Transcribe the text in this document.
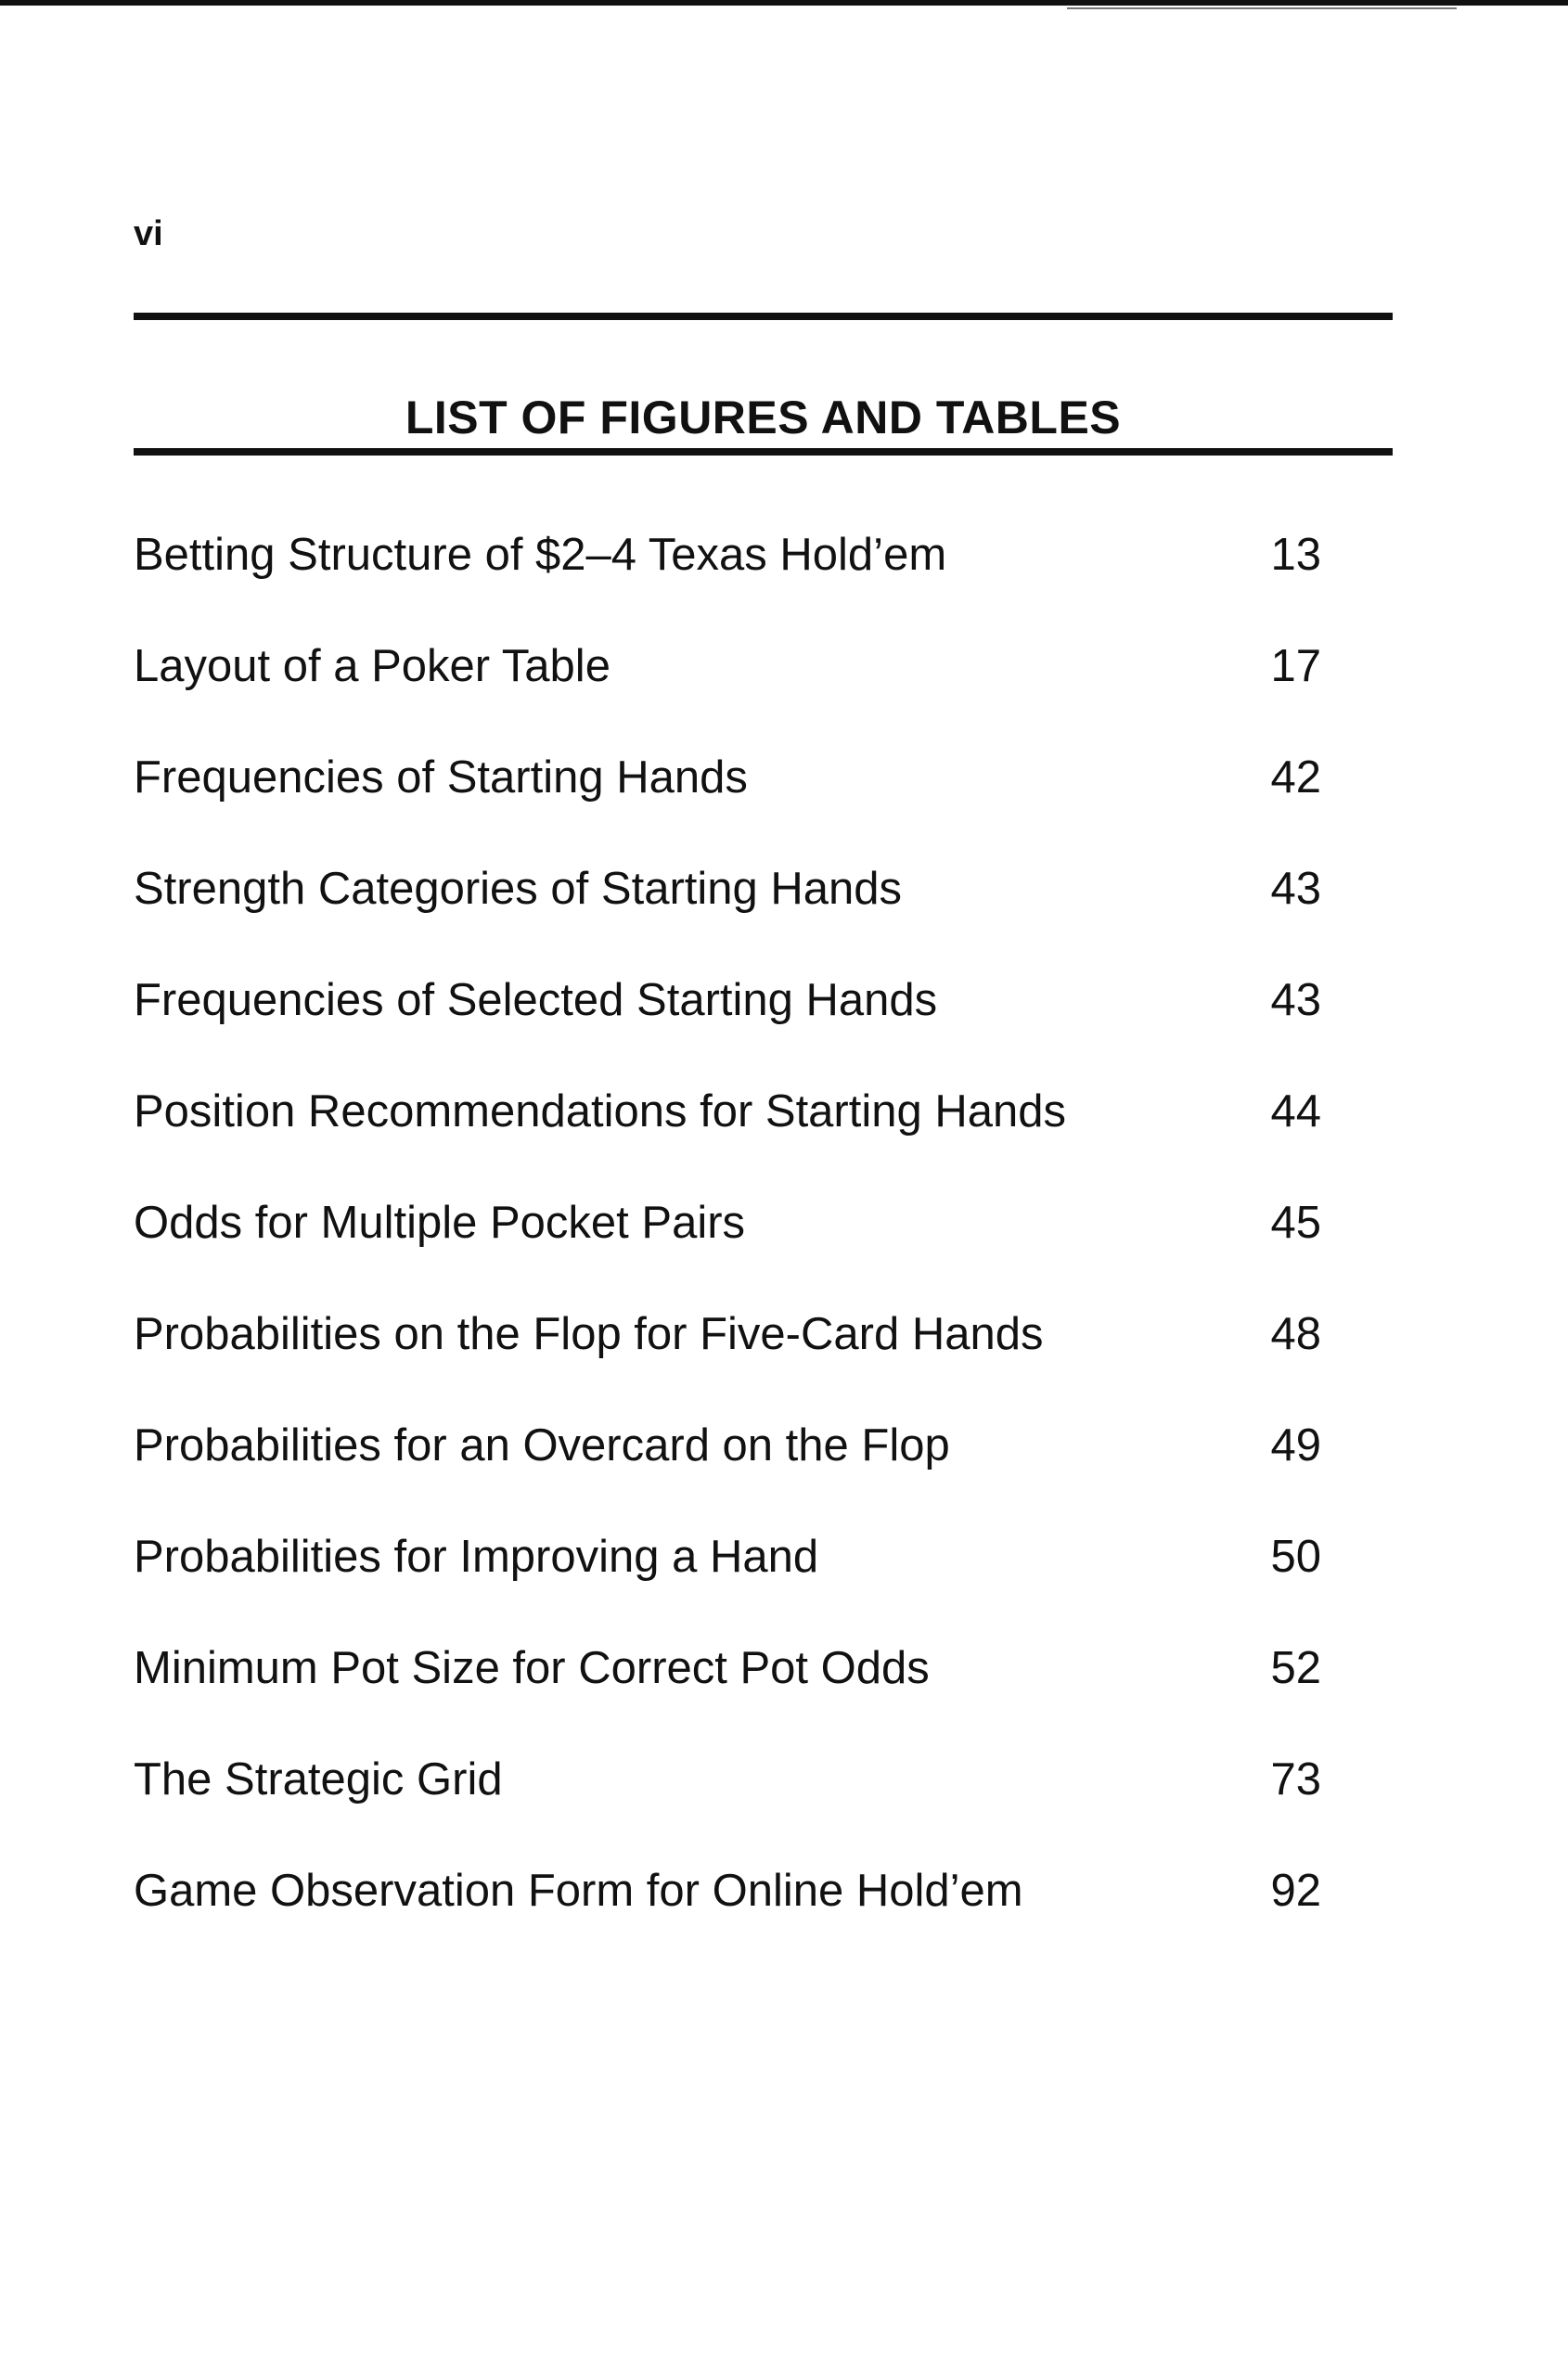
vi
LIST OF FIGURES AND TABLES
Betting Structure of $2–4 Texas Hold’em	13
Layout of a Poker Table	17
Frequencies of Starting Hands	42
Strength Categories of Starting Hands	43
Frequencies of Selected Starting Hands	43
Position Recommendations for Starting Hands	44
Odds for Multiple Pocket Pairs	45
Probabilities on the Flop for Five-Card Hands	48
Probabilities for an Overcard on the Flop	49
Probabilities for Improving a Hand	50
Minimum Pot Size for Correct Pot Odds	52
The Strategic Grid	73
Game Observation Form for Online Hold’em	92
